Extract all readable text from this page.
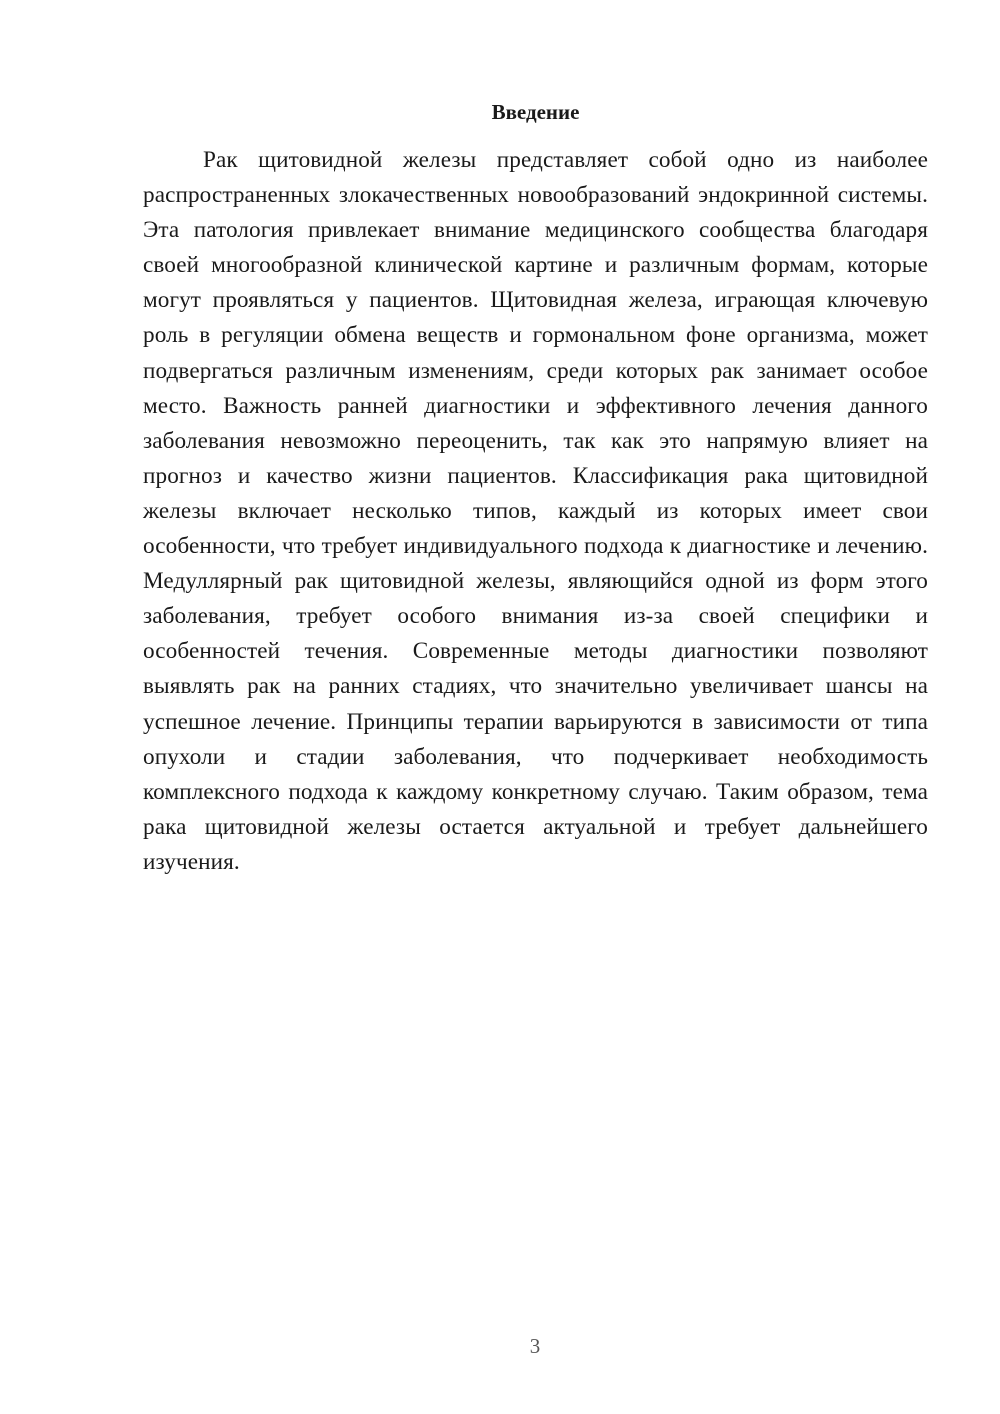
Введение

Рак щитовидной железы представляет собой одно из наиболее распространенных злокачественных новообразований эндокринной системы. Эта патология привлекает внимание медицинского сообщества благодаря своей многообразной клинической картине и различным формам, которые могут проявляться у пациентов. Щитовидная железа, играющая ключевую роль в регуляции обмена веществ и гормональном фоне организма, может подвергаться различным изменениям, среди которых рак занимает особое место. Важность ранней диагностики и эффективного лечения данного заболевания невозможно переоценить, так как это напрямую влияет на прогноз и качество жизни пациентов. Классификация рака щитовидной железы включает несколько типов, каждый из которых имеет свои особенности, что требует индивидуального подхода к диагностике и лечению. Медуллярный рак щитовидной железы, являющийся одной из форм этого заболевания, требует особого внимания из-за своей специфики и особенностей течения. Современные методы диагностики позволяют выявлять рак на ранних стадиях, что значительно увеличивает шансы на успешное лечение. Принципы терапии варьируются в зависимости от типа опухоли и стадии заболевания, что подчеркивает необходимость комплексного подхода к каждому конкретному случаю. Таким образом, тема рака щитовидной железы остается актуальной и требует дальнейшего изучения.

3
